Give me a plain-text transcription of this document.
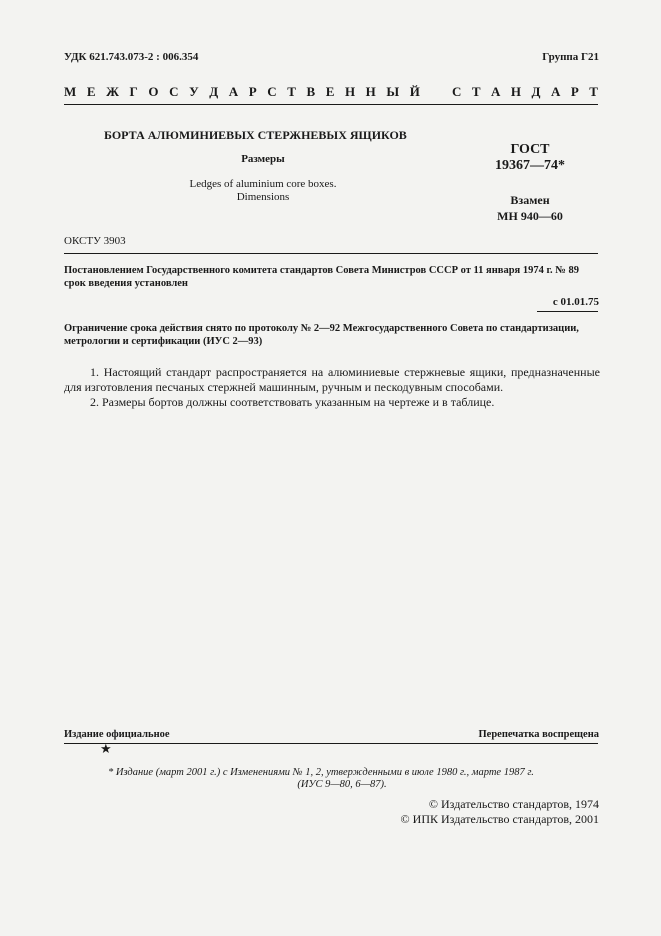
УДК 621.743.073-2 : 006.354	Группа Г21
М Е Ж Г О С У Д А Р С Т В Е Н Н Ы Й С Т А Н Д А Р Т
БОРТА АЛЮМИНИЕВЫХ СТЕРЖНЕВЫХ ЯЩИКОВ
Размеры
Ledges of aluminium core boxes.
Dimensions
ГОСТ
19367—74*
Взамен
МН 940—60
ОКСТУ 3903
Постановлением Государственного комитета стандартов Совета Министров СССР от 11 января 1974 г. № 89
срок введения установлен
с 01.01.75
Ограничение срока действия снято по протоколу № 2—92 Межгосударственного Совета по стандартизации,
метрологии и сертификации (ИУС 2—93)
1. Настоящий стандарт распространяется на алюминиевые стержневые ящики, предназначенные для изготовления песчаных стержней машинным, ручным и пескодувным способами.
2. Размеры бортов должны соответствовать указанным на чертеже и в таблице.
Издание официальное	Перепечатка воспрещена
★
* Издание (март 2001 г.) с Изменениями № 1, 2, утвержденными в июле 1980 г., марте 1987 г.
(ИУС 9—80, 6—87).
© Издательство стандартов, 1974
© ИПК Издательство стандартов, 2001
